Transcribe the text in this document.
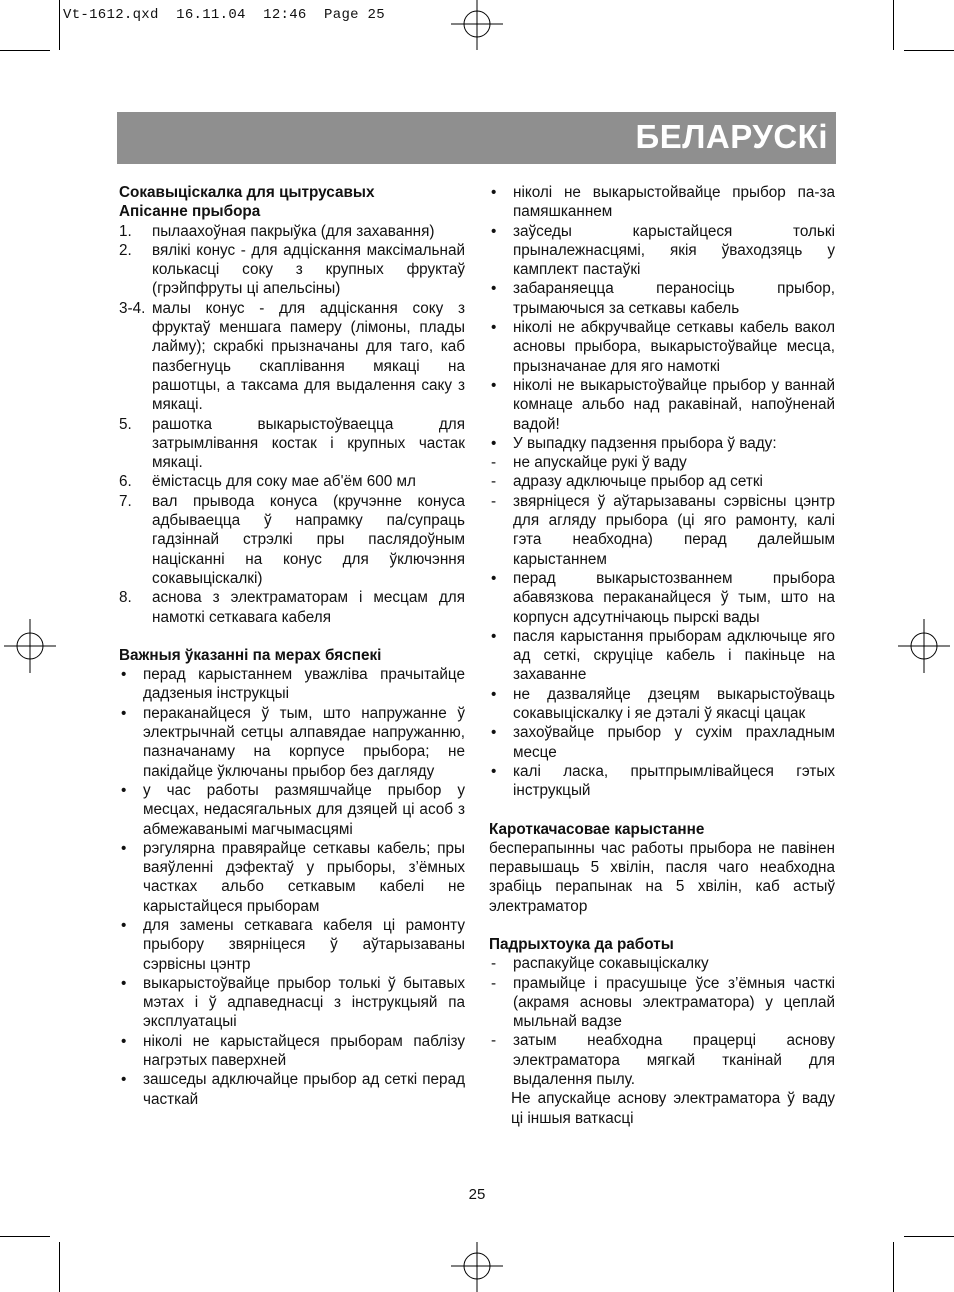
Vt-1612.qxd  16.11.04  12:46  Page 25
БЕЛАРУСКі
Сокавыціскалка для цытрусавых
Апісанне прыбора
1.	пылаахоўная пакрыўка (для захавання)
2.	вялікі конус - для адціскання максімальнай колькасці соку з крупных фруктаў (грэйпфруты ці апельсіны)
3-4. малы конус - для адціскання соку з фруктаў меншага памеру (лімоны, плады лайму); скрабкі прызначаны для таго, каб пазбегнуць скаплівання мякаці на рашотцы, а таксама для выдалення саку з мякаці.
5.	рашотка выкарыстоўваецца для затрымлівання костак і крупных частак мякаці.
6.	ёмістасць для соку мае аб'ём 600 мл
7.	вал прывода конуса (кручэнне конуса адбываецца ў напрамку па/супраць гадзіннай стрэлкі пры паслядоўным націсканні на конус для ўключэння сокавыціскалкі)
8.	аснова з электраматорам і месцам для намоткі сеткавага кабеля
Важныя ўказанні па мерах бяспекі
•	перад карыстаннем уважліва прачытайце дадзеныя інструкцыі
•	пераканайцеся ў тым, што напружанне ў электрычнай сетцы алпавядае напружанню, пазначанаму на корпусе прыбора; не пакідайце ўключаны прыбор без дагляду
•	у час работы размяшчайце прыбор у месцах, недасягальных для дзяцей ці асоб з абмежаванымі магчымасцямі
•	рэгулярна правярайце сеткавы кабель; пры ваяўленні дэфектаў у прыборы, з’ёмных частках альбо сеткавым кабелі не карыстайцеся прыборам
•	для замены сеткавага кабеля ці рамонту прыбору звярніцеся ў аўтарызаваны сэрвісны цэнтр
•	выкарыстоўвайце прыбор толькі ў бытавых мэтах і ў адпаведнасці з інструкцыяй па эксплуатацыі
•	ніколі не карыстайцеся прыборам паблізу нагрэтых паверхней
•	зашседы адключайце прыбор ад сеткі перад часткай
•	ніколі не выкарыстойвайце прыбор па-за памяшканнем
•	заўседы карыстайцеся толькі прыналежнасцямі, якія ўваходзяць у камплект пастаўкі
•	забараняецца пераносіць прыбор, трымаючыся за сеткавы кабель
•	ніколі не абкручвайце сеткавы кабель вакол асновы прыбора, выкарыстоўвайце месца, прызначанае для яго намоткі
•	ніколі не выкарыстоўвайце прыбор у ваннай комнаце альбо над ракавінай, напоўненай вадой!
•	У выпадку падзення прыбора ў ваду:
-	не апускайце рукі ў ваду
-	адразу адключыце прыбор ад сеткі
-	звярніцеся ў аўтарызаваны сэрвісны цэнтр для агляду прыбора (ці яго рамонту, калі гэта неабходна) перад далейшым карыстаннем
•	перад выкарыстозваннем прыбора абавязкова пераканайцеся ў тым, што на корпусн адсутнічаюць пырскі вады
•	пасля карыстання прыборам адключыце яго ад сеткі, скруціце кабель і пакіньце на захаванне
•	не дазваляйце дзецям выкарыстоўваць сокавыціскалку і яе дэталі ў якасці цацак
•	захоўвайце прыбор у сухім прахладным месце
•	калі ласка, прытпрымлівайцеся гэтых інструкцый
Кароткачасовае карыстанне
бесперапынны час работы прыбора не павінен перавышаць 5 хвілін, пасля чаго неабходна зрабіць перапынак на 5 хвілін, каб астыў электраматор
Падрыхтоука да работы
-	распакуйце сокавыціскалку
-	прамыйце і прасушыце ўсе з’ёмныя часткі (акрамя асновы электраматора) у цеплай мыльнай вадзе
-	затым неабходна працерці аснову электраматора мягкай тканінай для выдалення пылу.
Не апускайце аснову электраматора ў ваду ці іншыя ваткасці
25
